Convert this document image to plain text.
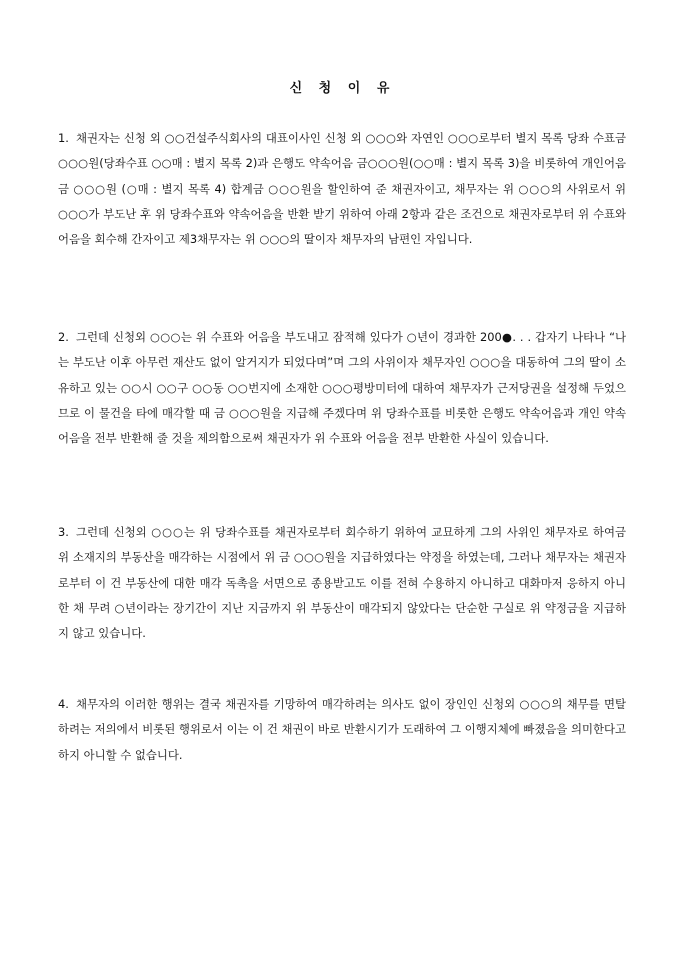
신 청 이 유
1. 채권자는 신청 외 ○○건설주식회사의 대표이사인 신청 외 ○○○와 자연인 ○○○로부터 별지 목록 당좌 수표금 ○○○원(당좌수표 ○○매 : 별지 목록 2)과 은행도 약속어음 금○○○원(○○매 : 별지 목록 3)을 비롯하여 개인어음 금 ○○○원 (○매 : 별지 목록 4) 합계금 ○○○원을 할인하여 준 채권자이고, 채무자는 위 ○○○의 사위로서 위 ○○○가 부도난 후 위 당좌수표와 약속어음을 반환 받기 위하여 아래 2항과 같은 조건으로 채권자로부터 위 수표와 어음을 회수해 간자이고 제3채무자는 위 ○○○의 딸이자 채무자의 남편인 자입니다.
2. 그런데 신청외 ○○○는 위 수표와 어음을 부도내고 잠적해 있다가 ○년이 경과한 200●. . . 갑자기 나타나 “나는 부도난 이후 아무런 재산도 없이 알거지가 되었다며”며 그의 사위이자 채무자인 ○○○을 대동하여 그의 딸이 소유하고 있는 ○○시 ○○구 ○○동 ○○번지에 소재한 ○○○평방미터에 대하여 채무자가 근저당권을 설정해 두었으므로 이 물건을 타에 매각할 때 금 ○○○원을 지급해 주겠다며 위 당좌수표를 비롯한 은행도 약속어음과 개인 약속어음을 전부 반환해 줄 것을 제의함으로써 채권자가 위 수표와 어음을 전부 반환한 사실이 있습니다.
3. 그런데 신청외 ○○○는 위 당좌수표를 채권자로부터 회수하기 위하여 교묘하게 그의 사위인 채무자로 하여금 위 소재지의 부동산을 매각하는 시점에서 위 금 ○○○원을 지급하였다는 약정을 하였는데, 그러나 채무자는 채권자로부터 이 건 부동산에 대한 매각 독촉을 서면으로 종용받고도 이를 전혀 수용하지 아니하고 대화마저 응하지 아니한 채 무려 ○년이라는 장기간이 지난 지금까지 위 부동산이 매각되지 않았다는 단순한 구실로 위 약정금을 지급하지 않고 있습니다.
4. 채무자의 이러한 행위는 결국 채권자를 기망하여 매각하려는 의사도 없이 장인인 신청외 ○○○의 채무를 면탈 하려는 저의에서 비롯된 행위로서 이는 이 건 채권이 바로 반환시기가 도래하여 그 이행지체에 빠졌음을 의미한다고 하지 아니할 수 없습니다.
